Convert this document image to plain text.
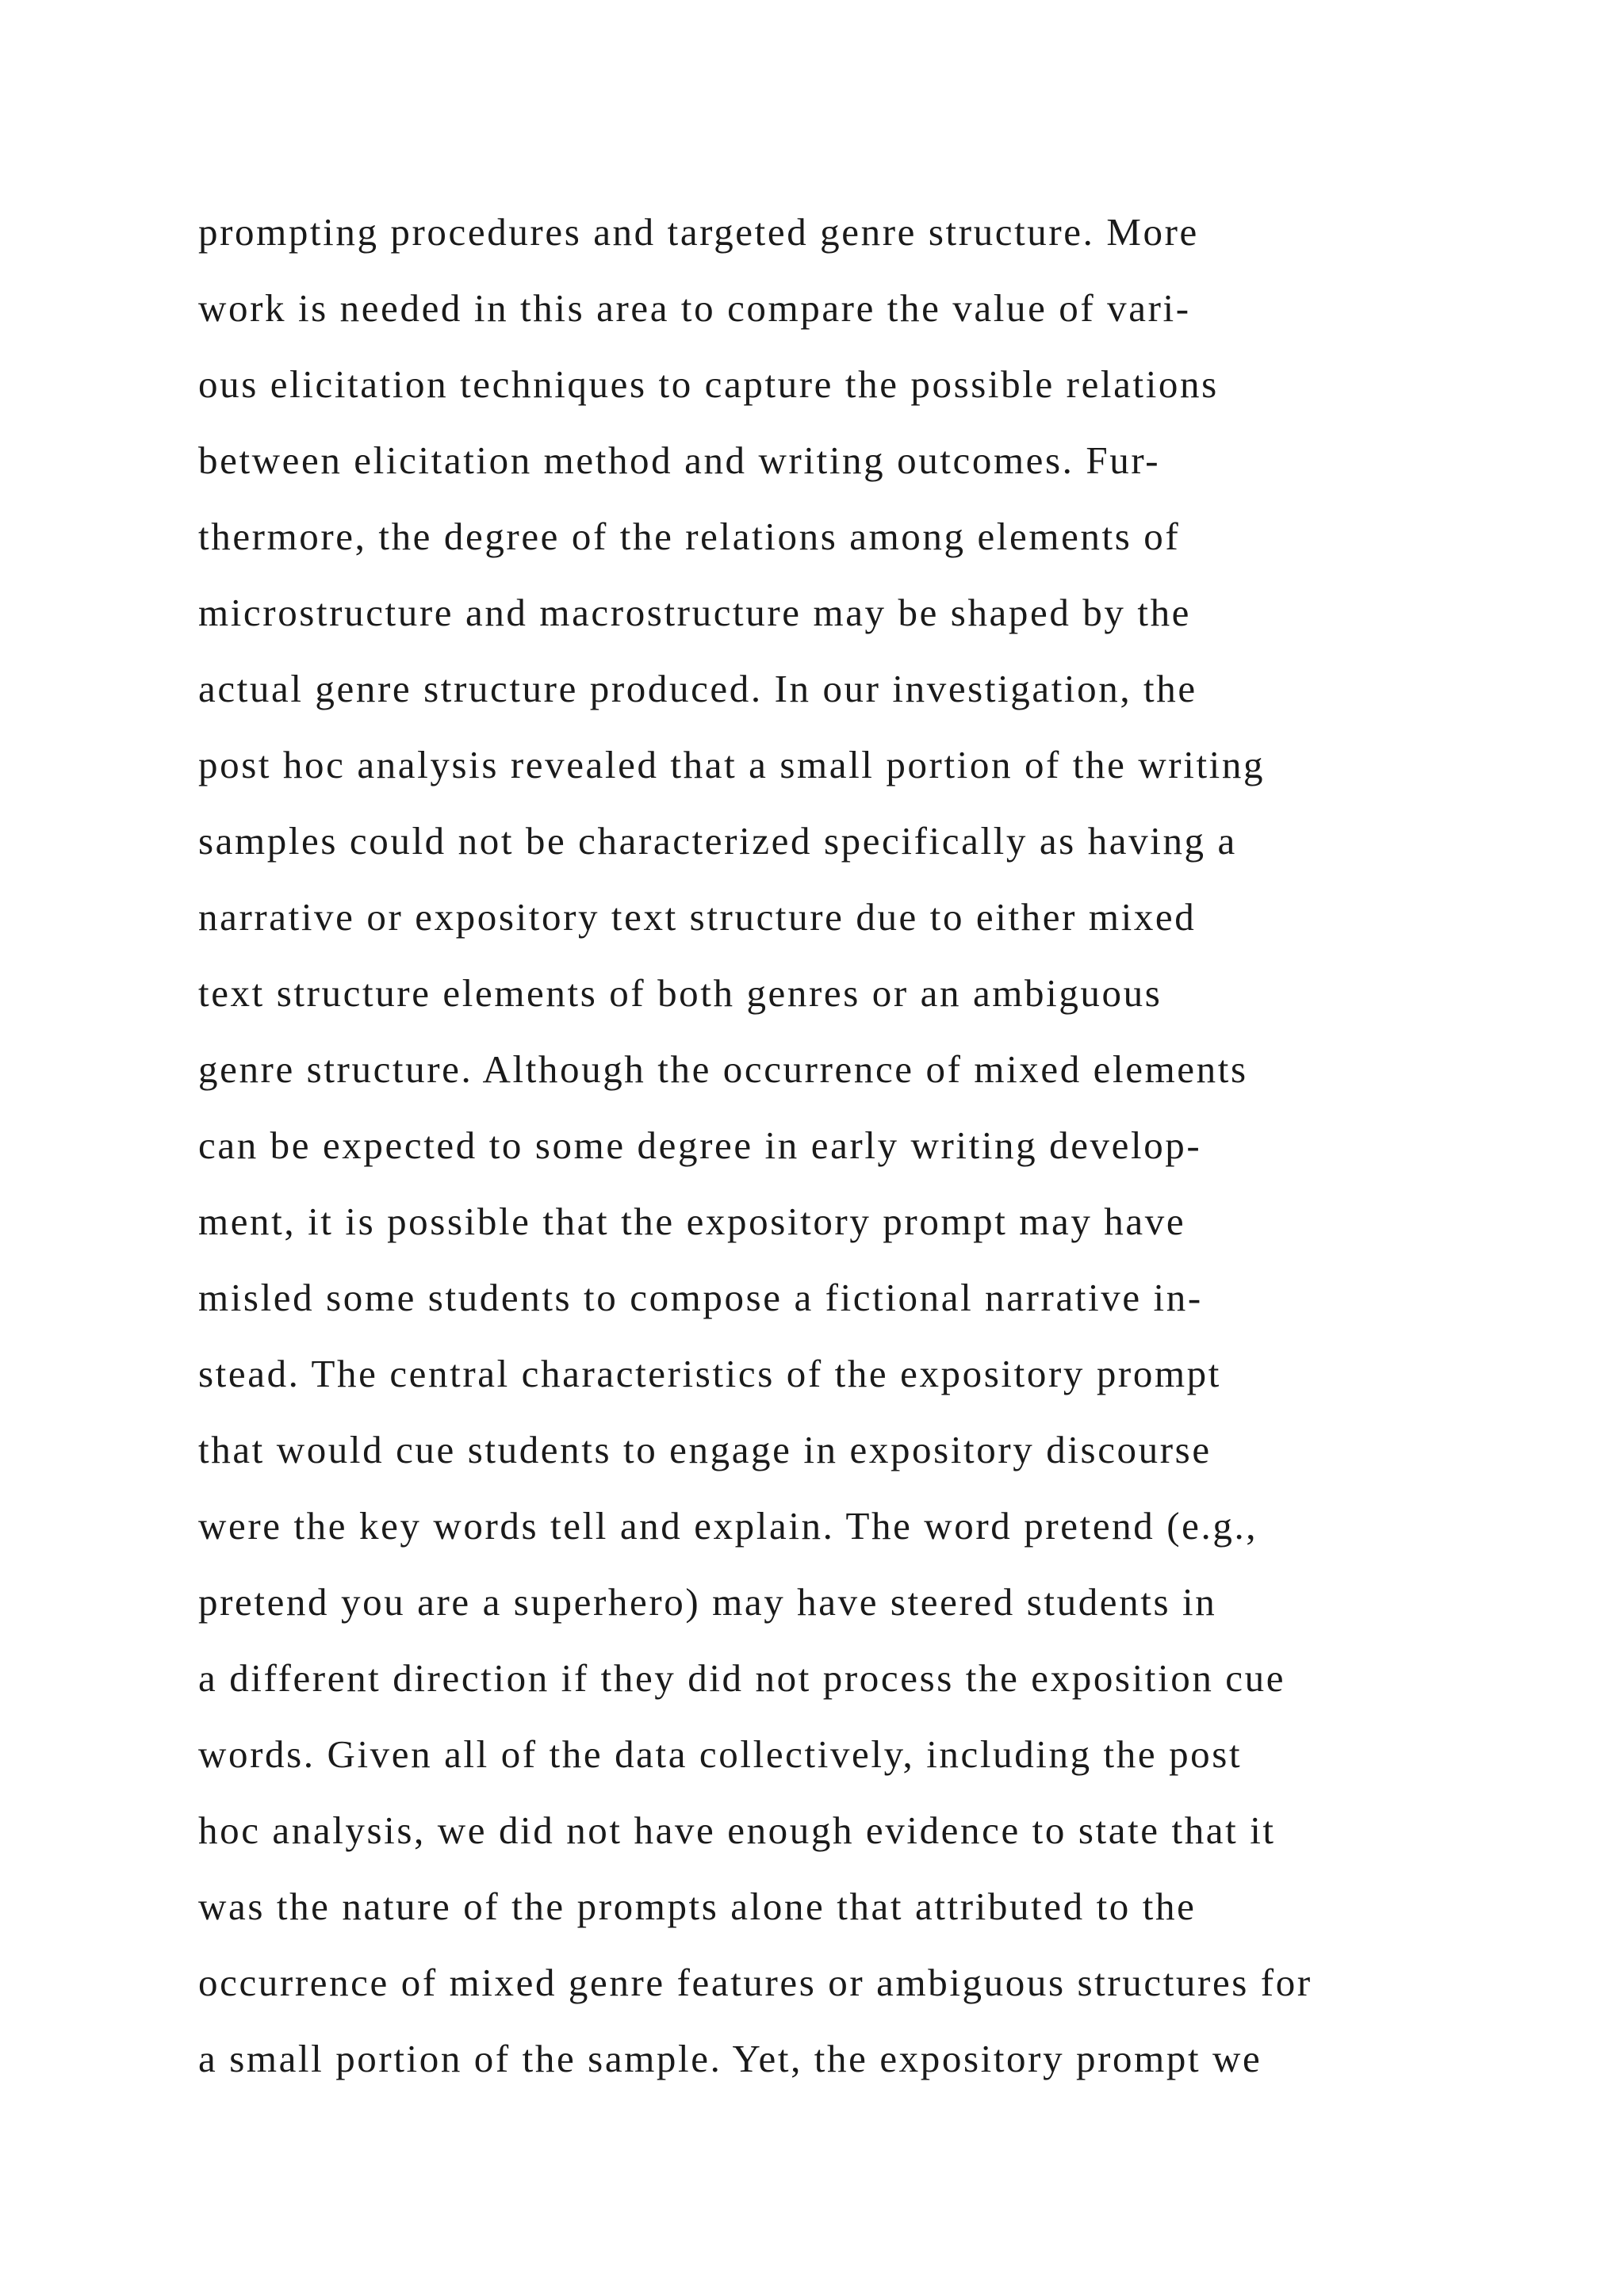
prompting procedures and targeted genre structure. More
work is needed in this area to compare the value of vari-
ous elicitation techniques to capture the possible relations
between elicitation method and writing outcomes. Fur-
thermore, the degree of the relations among elements of
microstructure and macrostructure may be shaped by the
actual genre structure produced. In our investigation, the
post hoc analysis revealed that a small portion of the writing
samples could not be characterized specifically as having a
narrative or expository text structure due to either mixed
text structure elements of both genres or an ambiguous
genre structure. Although the occurrence of mixed elements
can be expected to some degree in early writing develop-
ment, it is possible that the expository prompt may have
misled some students to compose a fictional narrative in-
stead. The central characteristics of the expository prompt
that would cue students to engage in expository discourse
were the key words tell and explain. The word pretend (e.g.,
pretend you are a superhero) may have steered students in
a different direction if they did not process the exposition cue
words. Given all of the data collectively, including the post
hoc analysis, we did not have enough evidence to state that it
was the nature of the prompts alone that attributed to the
occurrence of mixed genre features or ambiguous structures for
a small portion of the sample. Yet, the expository prompt we
